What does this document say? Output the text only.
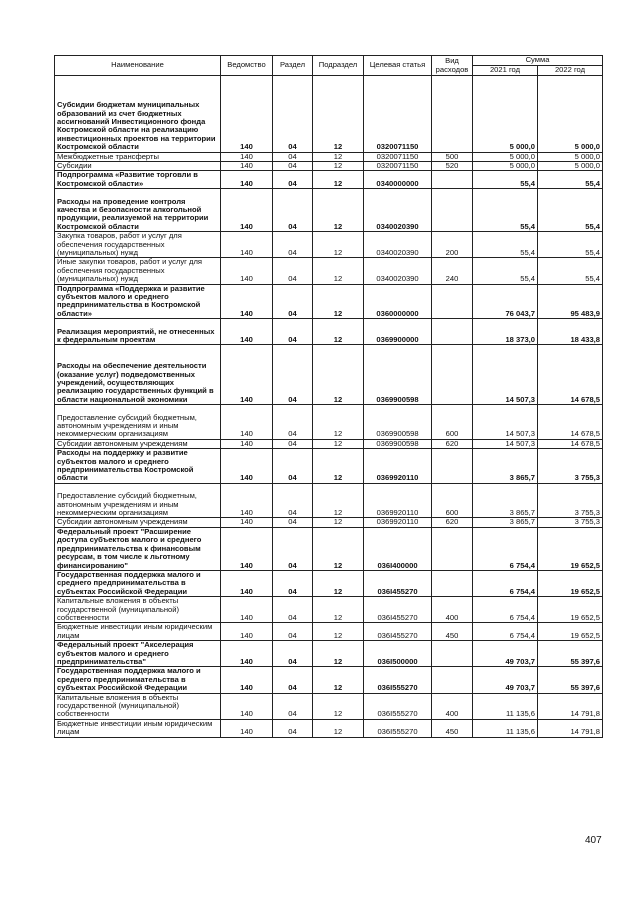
Наименование	Ведомство	Раздел	Подраздел	Целевая статья	Вид расходов	Сумма	
						2021 год	2022 год
Субсидии бюджетам муниципальных образований из счет бюджетных ассигнований Инвестиционного фонда Костромской области на реализацию инвестиционных проектов на территории Костромской области	140	04	12	0320071150		5 000,0	5 000,0
Межбюджетные трансферты	140	04	12	0320071150	500	5 000,0	5 000,0
Субсидии	140	04	12	0320071150	520	5 000,0	5 000,0
Подпрограмма «Развитие торговли в Костромской области»	140	04	12	0340000000		55,4	55,4
Расходы на проведение контроля качества и безопасности алкогольной продукции, реализуемой на территории Костромской области	140	04	12	0340020390		55,4	55,4
Закупка товаров, работ и услуг для обеспечения государственных (муниципальных) нужд	140	04	12	0340020390	200	55,4	55,4
Иные закупки товаров, работ и услуг для обеспечения государственных (муниципальных) нужд	140	04	12	0340020390	240	55,4	55,4
Подпрограмма «Поддержка и развитие субъектов малого и среднего предпринимательства в Костромской области»	140	04	12	0360000000		76 043,7	95 483,9
Реализация мероприятий, не отнесенных к федеральным проектам	140	04	12	0369900000		18 373,0	18 433,8
Расходы на обеспечение деятельности (оказание услуг) подведомственных учреждений, осуществляющих реализацию государственных функций в области национальной экономики	140	04	12	0369900598		14 507,3	14 678,5
Предоставление субсидий бюджетным, автономным учреждениям и иным некоммерческим организациям	140	04	12	0369900598	600	14 507,3	14 678,5
Субсидии автономным учреждениям	140	04	12	0369900598	620	14 507,3	14 678,5
Расходы на поддержку и развитие субъектов малого и среднего предпринимательства Костромской области	140	04	12	0369920110		3 865,7	3 755,3
Предоставление субсидий бюджетным, автономным учреждениям и иным некоммерческим организациям	140	04	12	0369920110	600	3 865,7	3 755,3
Субсидии автономным учреждениям	140	04	12	0369920110	620	3 865,7	3 755,3
Федеральный проект "Расширение доступа субъектов малого и среднего предпринимательства к финансовым ресурсам, в том числе к льготному финансированию"	140	04	12	036I400000		6 754,4	19 652,5
Государственная поддержка малого и среднего предпринимательства в субъектах Российской Федерации	140	04	12	036I455270		6 754,4	19 652,5
Капитальные вложения в объекты государственной (муниципальной) собственности	140	04	12	036I455270	400	6 754,4	19 652,5
Бюджетные инвестиции иным юридическим лицам	140	04	12	036I455270	450	6 754,4	19 652,5
Федеральный проект "Акселерация субъектов малого и среднего предпринимательства"	140	04	12	036I500000		49 703,7	55 397,6
Государственная поддержка малого и среднего предпринимательства в субъектах Российской Федерации	140	04	12	036I555270		49 703,7	55 397,6
Капитальные вложения в объекты государственной (муниципальной) собственности	140	04	12	036I555270	400	11 135,6	14 791,8
Бюджетные инвестиции иным юридическим лицам	140	04	12	036I555270	450	11 135,6	14 791,8
407
